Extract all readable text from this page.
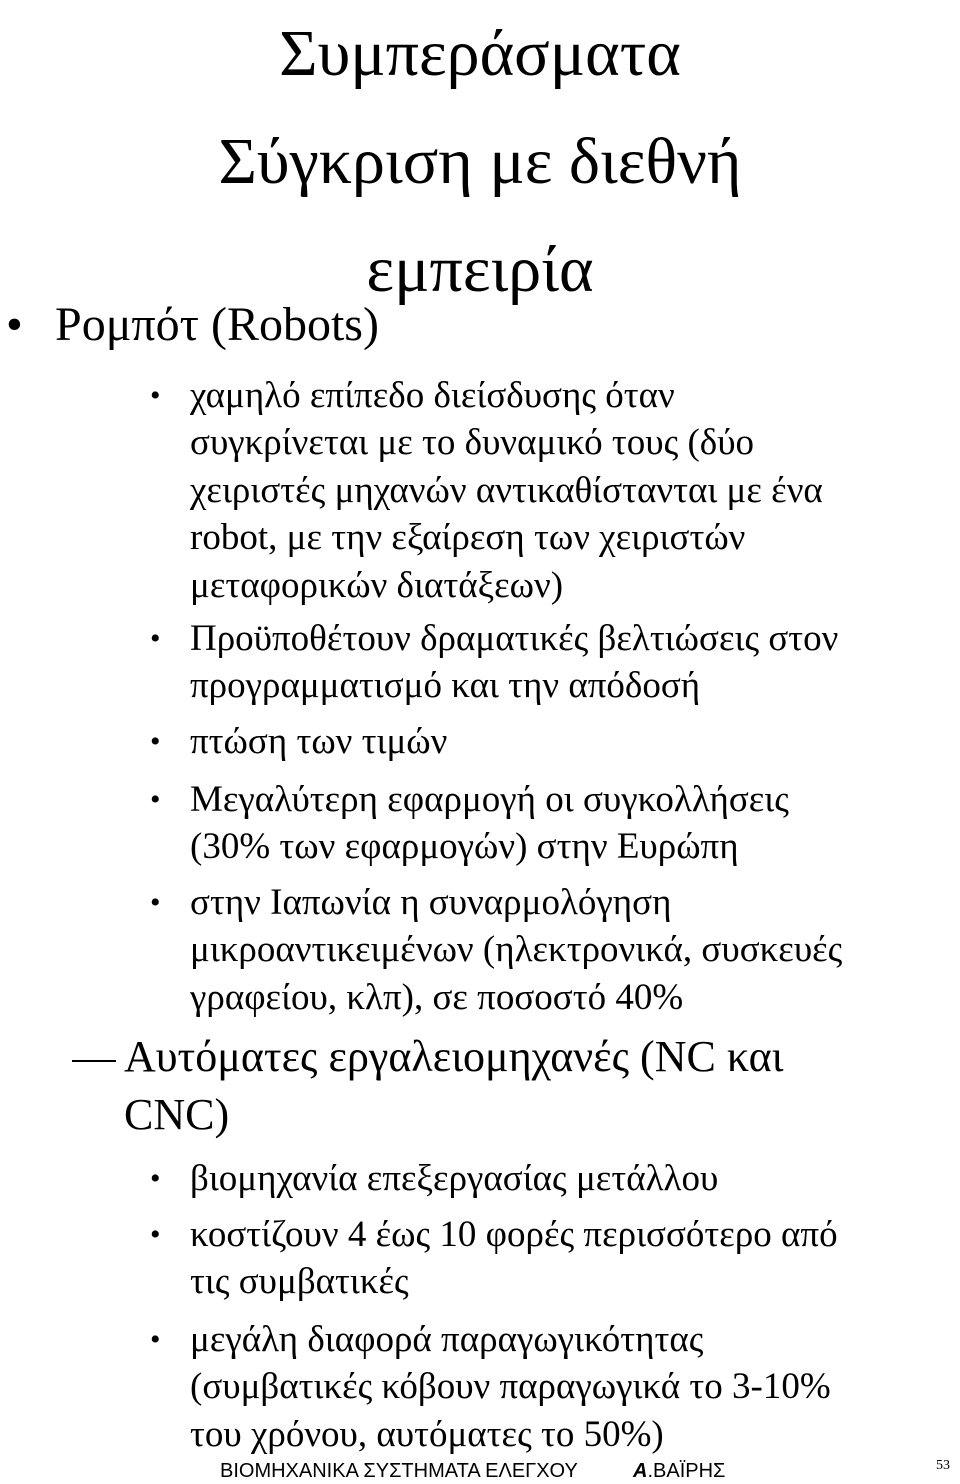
Συμπεράσματα
Σύγκριση με διεθνή
εμπειρία
• Ρομπότ (Robots)
• χαμηλό επίπεδο διείσδυσης όταν
συγκρίνεται με το δυναμικό τους (δύο
χειριστές μηχανών αντικαθίστανται με ένα
robot, με την εξαίρεση των χειριστών
μεταφορικών διατάξεων)
• Προϋποθέτουν δραματικές βελτιώσεις στον
προγραμματισμό και την απόδοσή
• πτώση των τιμών
• Μεγαλύτερη εφαρμογή οι συγκολλήσεις
(30% των εφαρμογών) στην Ευρώπη
• στην Ιαπωνία η συναρμολόγηση
μικροαντικειμένων (ηλεκτρονικά, συσκευές
γραφείου, κλπ), σε ποσοστό 40%
Αυτόματες εργαλειομηχανές (NC και
CNC)
• βιομηχανία επεξεργασίας μετάλλου
• κοστίζουν 4 έως 10 φορές περισσότερο από
τις συμβατικές
• μεγάλη διαφορά παραγωγικότητας
(συμβατικές κόβουν παραγωγικά το 3-10%
του χρόνου, αυτόματες το 50%)
ΒΙΟΜΗΧΑΝΙΚΑ ΣΥΣΤΗΜΑΤΑ ΕΛΕΓΧΟΥ	Α.ΒΑΪΡΗΣ	53
